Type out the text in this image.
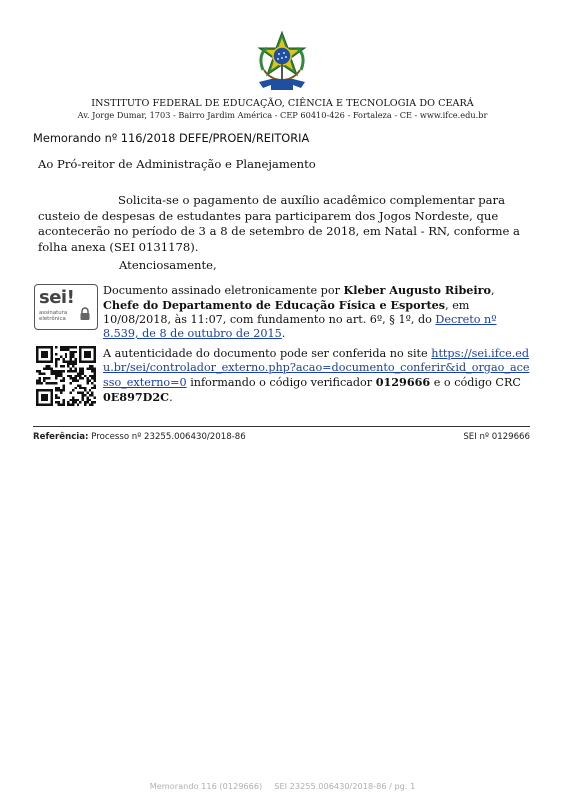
INSTITUTO FEDERAL DE EDUCAÇÃO, CIÊNCIA E TECNOLOGIA DO CEARÁ
Av. Jorge Dumar, 1703 - Bairro Jardim América - CEP 60410-426 - Fortaleza - CE - www.ifce.edu.br
Memorando nº 116/2018 DEFE/PROEN/REITORIA
Ao Pró-reitor de Administração e Planejamento
Solicita-se o pagamento de auxílio acadêmico complementar para custeio de despesas de estudantes para participarem dos Jogos Nordeste, que acontecerão no período de 3 a 8 de setembro de 2018, em Natal - RN, conforme a folha anexa (SEI 0131178).
Atenciosamente,
sei!
assinatura eletrônica
Documento assinado eletronicamente por Kleber Augusto Ribeiro, Chefe do Departamento de Educação Física e Esportes, em 10/08/2018, às 11:07, com fundamento no art. 6º, § 1º, do Decreto nº 8.539, de 8 de outubro de 2015.
A autenticidade do documento pode ser conferida no site https://sei.ifce.edu.br/sei/controlador_externo.php?acao=documento_conferir&id_orgao_acesso_externo=0 informando o código verificador 0129666 e o código CRC 0E897D2C.
Referência: Processo nº 23255.006430/2018-86	SEI nº 0129666
Memorando 116 (0129666) SEI 23255.006430/2018-86 / pg. 1
